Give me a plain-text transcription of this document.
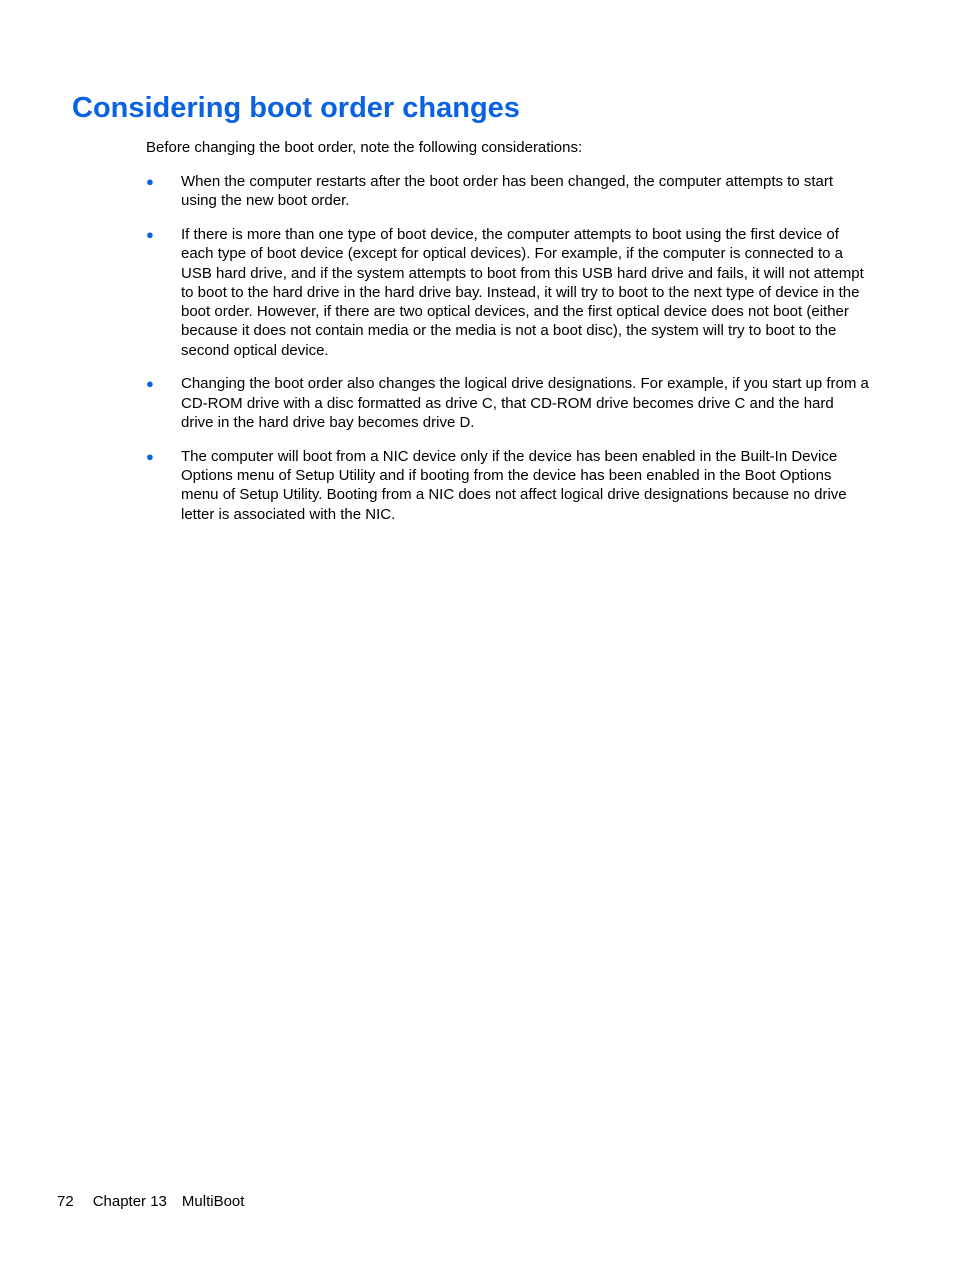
Considering boot order changes

Before changing the boot order, note the following considerations:

● When the computer restarts after the boot order has been changed, the computer attempts to start using the new boot order.
● If there is more than one type of boot device, the computer attempts to boot using the first device of each type of boot device (except for optical devices). For example, if the computer is connected to a USB hard drive, and if the system attempts to boot from this USB hard drive and fails, it will not attempt to boot to the hard drive in the hard drive bay. Instead, it will try to boot to the next type of device in the boot order. However, if there are two optical devices, and the first optical device does not boot (either because it does not contain media or the media is not a boot disc), the system will try to boot to the second optical device.
● Changing the boot order also changes the logical drive designations. For example, if you start up from a CD-ROM drive with a disc formatted as drive C, that CD-ROM drive becomes drive C and the hard drive in the hard drive bay becomes drive D.
● The computer will boot from a NIC device only if the device has been enabled in the Built-In Device Options menu of Setup Utility and if booting from the device has been enabled in the Boot Options menu of Setup Utility. Booting from a NIC does not affect logical drive designations because no drive letter is associated with the NIC.
72 Chapter 13 MultiBoot
